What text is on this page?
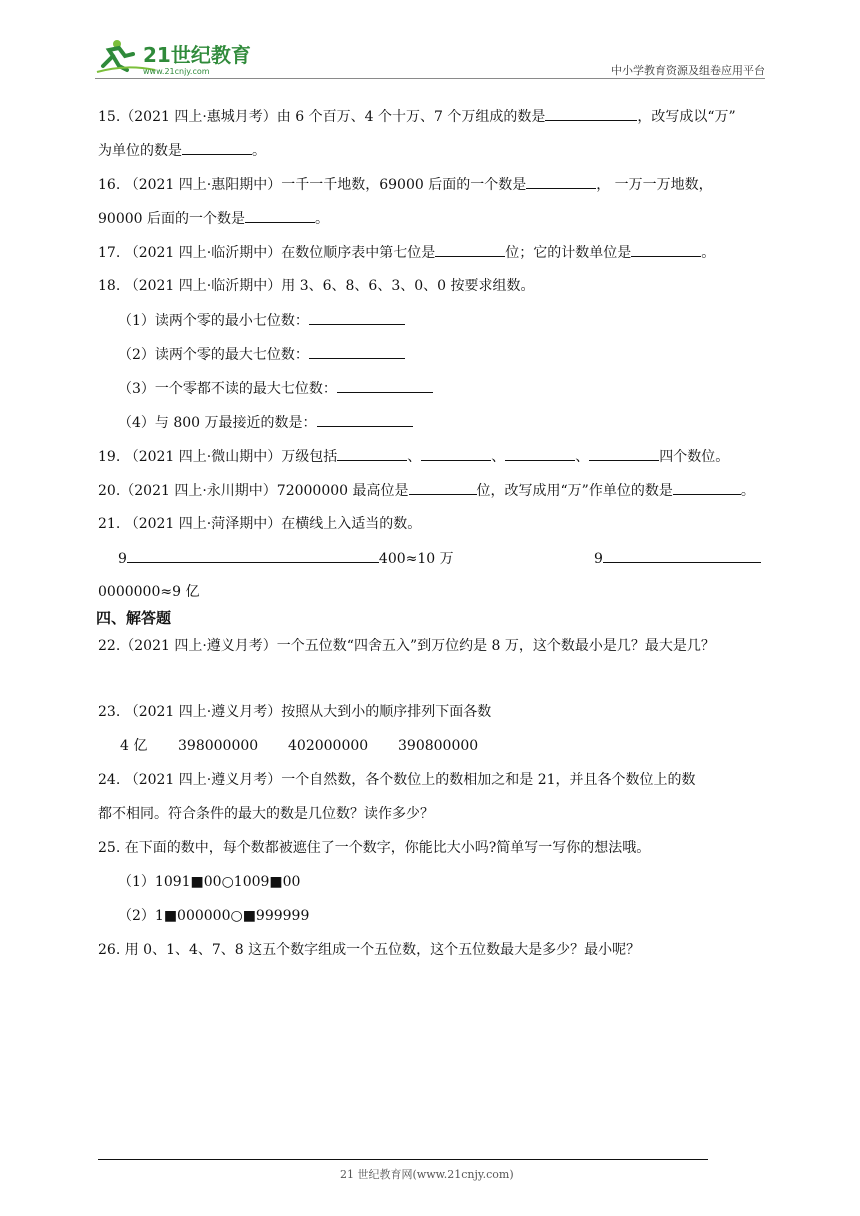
21世纪教育
www.21cnjy.com	中小学教育资源及组卷应用平台
15.（2021 四上·惠城月考）由 6 个百万、4 个十万、7 个万组成的数是	，改写成以“万”
为单位的数是	。
16. （2021 四上·惠阳期中）一千一千地数，69000 后面的一个数是	， 一万一万地数，
90000 后面的一个数是	。
17. （2021 四上·临沂期中）在数位顺序表中第七位是	位；它的计数单位是	。
18. （2021 四上·临沂期中）用 3、6、8、6、3、0、0 按要求组数。
（1）读两个零的最小七位数：
（2）读两个零的最大七位数：
（3）一个零都不读的最大七位数：
（4）与 800 万最接近的数是：
19. （2021 四上·微山期中）万级包括	、	、	、	四个数位。
20.（2021 四上·永川期中）72000000 最高位是	位，改写成用“万”作单位的数是	。
21. （2021 四上·菏泽期中）在横线上入适当的数。
9	400≈10 万	9
0000000≈9 亿
四、解答题
22.（2021 四上·遵义月考）一个五位数“四舍五入”到万位约是 8 万，这个数最小是几？最大是几？
23. （2021 四上·遵义月考）按照从大到小的顺序排列下面各数
4 亿 398000000 402000000 390800000
24. （2021 四上·遵义月考）一个自然数，各个数位上的数相加之和是 21，并且各个数位上的数
都不相同。符合条件的最大的数是几位数？读作多少？
25. 在下面的数中，每个数都被遮住了一个数字，你能比大小吗?简单写一写你的想法哦。
（1）1091■00○1009■00
（2）1■000000○■999999
26. 用 0、1、4、7、8 这五个数字组成一个五位数，这个五位数最大是多少？最小呢？
21 世纪教育网(www.21cnjy.com)
